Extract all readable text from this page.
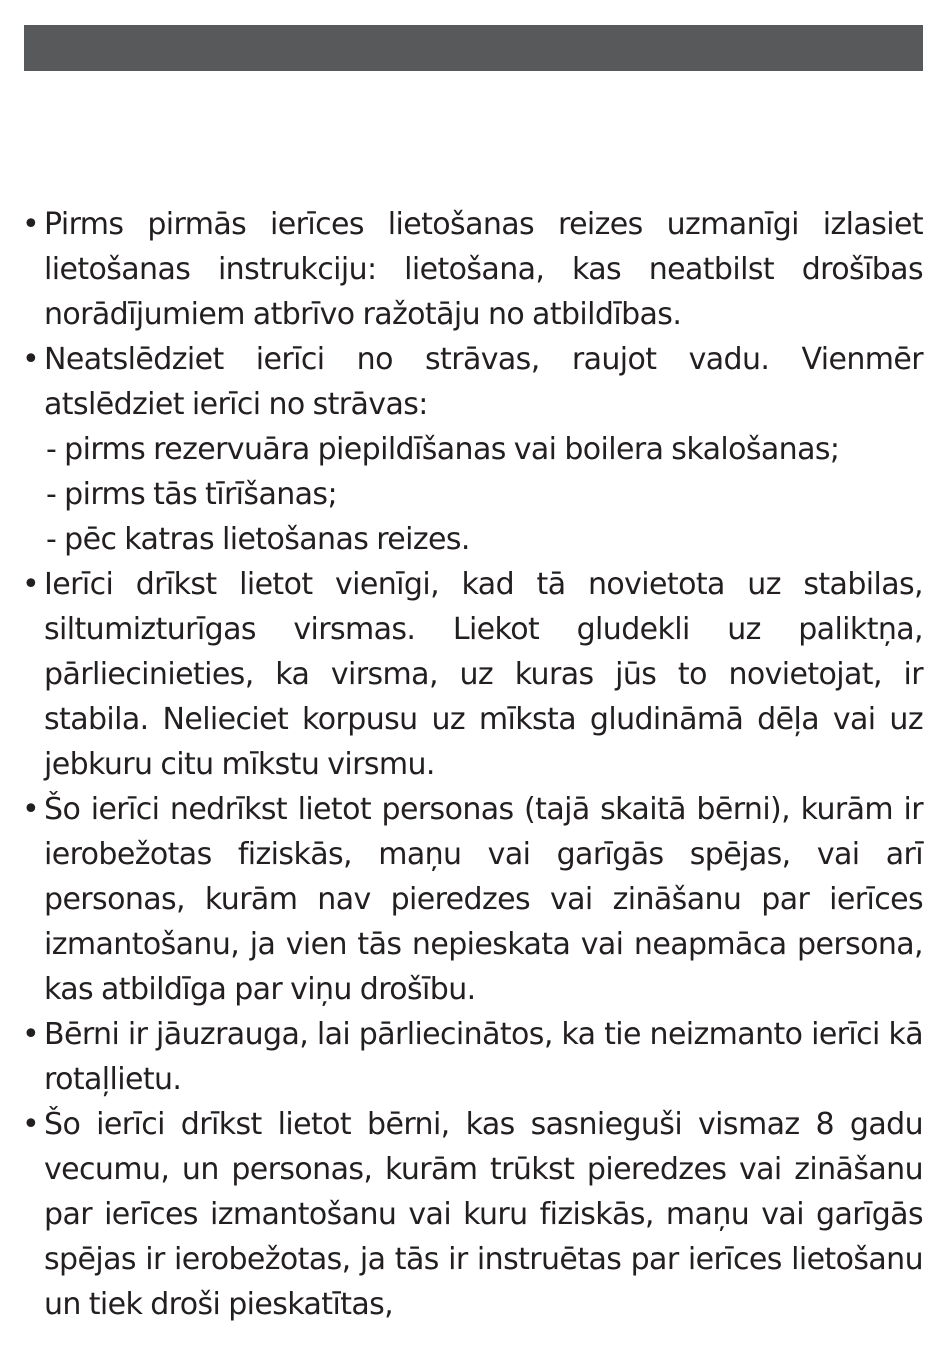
• Pirms pirmās ierīces lietošanas reizes uzmanīgi izlasiet lietošanas instrukciju: lietošana, kas neatbilst drošības norādījumiem atbrīvo ražotāju no atbildības.
• Neatslēdziet ierīci no strāvas, raujot vadu. Vienmēr atslēdziet ierīci no strāvas:
- pirms rezervuāra piepildīšanas vai boilera skalošanas;
- pirms tās tīrīšanas;
- pēc katras lietošanas reizes.
• Ierīci drīkst lietot vienīgi, kad tā novietota uz stabilas, siltumizturīgas virsmas. Liekot gludekli uz paliktņa, pārliecinieties, ka virsma, uz kuras jūs to novietojat, ir stabila. Nelieciet korpusu uz mīksta gludināmā dēļa vai uz jebkuru citu mīkstu virsmu.
• Šo ierīci nedrīkst lietot personas (tajā skaitā bērni), kurām ir ierobežotas fiziskās, maņu vai garīgās spējas, vai arī personas, kurām nav pieredzes vai zināšanu par ierīces izmantošanu, ja vien tās nepieskata vai neapmāca persona, kas atbildīga par viņu drošību.
• Bērni ir jāuzrauga, lai pārliecinātos, ka tie neizmanto ierīci kā rotaļlietu.
• Šo ierīci drīkst lietot bērni, kas sasnieguši vismaz 8 gadu vecumu, un personas, kurām trūkst pieredzes vai zināšanu par ierīces izmantošanu vai kuru fiziskās, maņu vai garīgās spējas ir ierobežotas, ja tās ir instruētas par ierīces lietošanu un tiek droši pieskatītas,
